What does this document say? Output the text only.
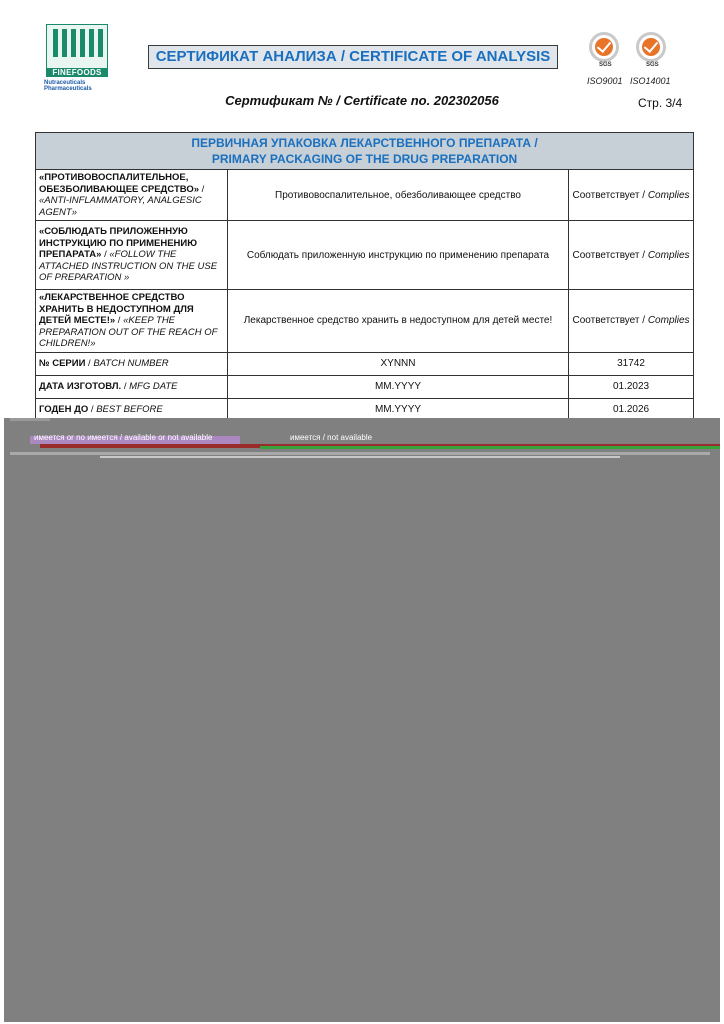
FINEFOODS
Nutraceuticals
Pharmaceuticals
СЕРТИФИКАТ АНАЛИЗА / CERTIFICATE OF ANALYSIS	SGS	SGS
ISO9001 ISO14001
Сертификат № / Certificate no. 202302056	Стр. 3/4
ПЕРВИЧНАЯ УПАКОВКА ЛЕКАРСТВЕННОГО ПРЕПАРАТА /
PRIMARY PACKAGING OF THE DRUG PREPARATION		

«ПРОТИВОВОСПАЛИТЕЛЬНОЕ, ОБЕЗБОЛИВАЮЩЕЕ СРЕДСТВО» / «ANTI-INFLAMMATORY, ANALGESIC AGENT»	Противовоспалительное, обезболивающее средство	Соответствует / Complies
«СОБЛЮДАТЬ ПРИЛОЖЕННУЮ ИНСТРУКЦИЮ ПО ПРИМЕНЕНИЮ ПРЕПАРАТА» / «FOLLOW THE ATTACHED INSTRUCTION ON THE USE OF PREPARATION »	Соблюдать приложенную инструкцию по применению препарата	Соответствует / Complies
«ЛЕКАРСТВЕННОЕ СРЕДСТВО ХРАНИТЬ В НЕДОСТУПНОМ ДЛЯ ДЕТЕЙ МЕСТЕ!» / «KEEP THE PREPARATION OUT OF THE REACH OF CHILDREN!»	Лекарственное средство хранить в недоступном для детей месте!	Соответствует / Complies
№ СЕРИИ / BATCH NUMBER	XYNNN	31742
ДАТА ИЗГОТОВЛ. / MFG DATE	MM.YYYY	01.2023
ГОДЕН ДО / BEST BEFORE	MM.YYYY	01.2026

имеется or no имеется / available or not available	имеется / not available
